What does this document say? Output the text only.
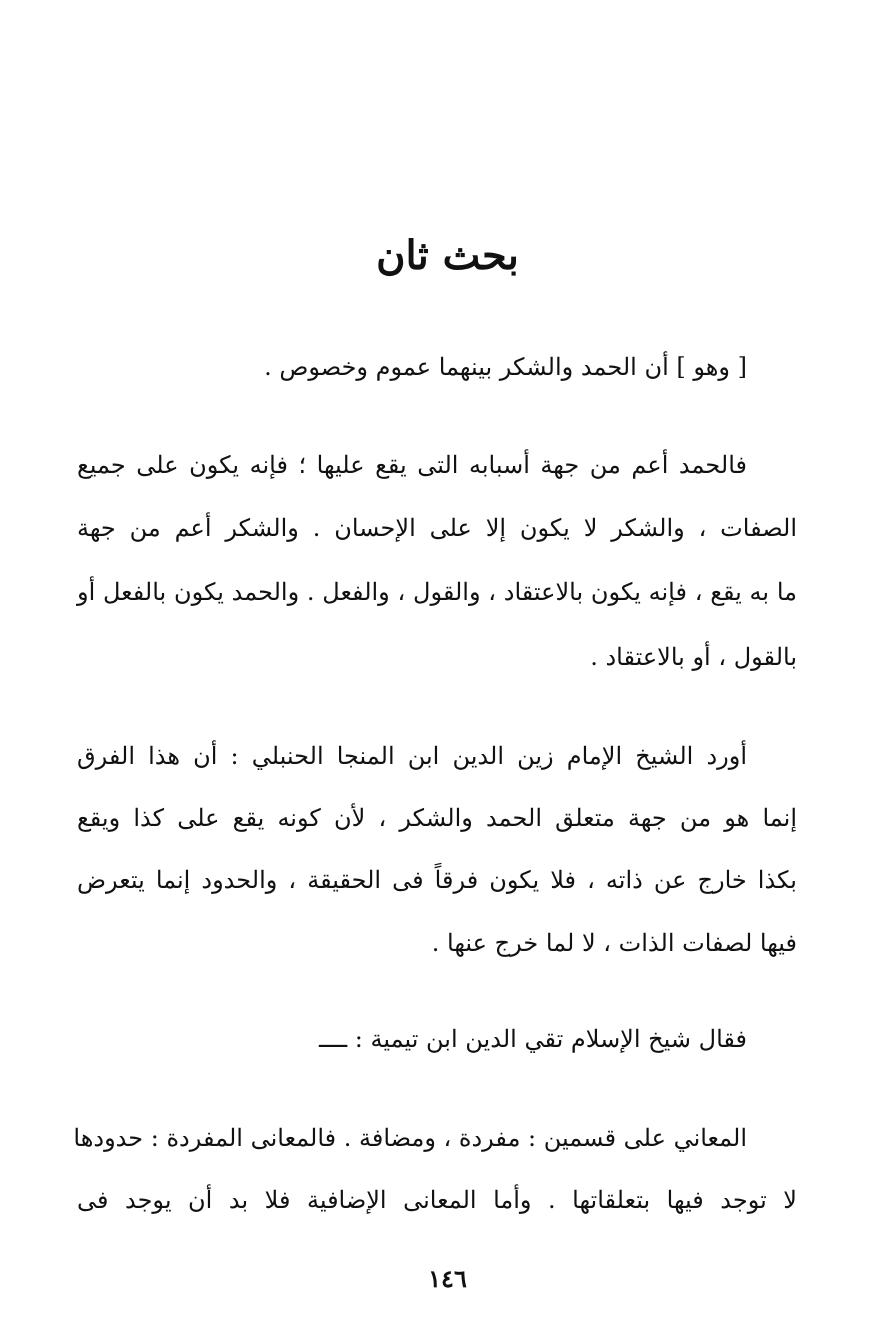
بحث ثان
[ وهو ] أن الحمد والشكر بينهما عموم وخصوص .
فالحمد أعم من جهة أسبابه التى يقع عليها ؛ فإنه يكون على جميع
الصفات ، والشكر لا يكون إلا على الإحسان . والشكر أعم من جهة
ما به يقع ، فإنه يكون بالاعتقاد ، والقول ، والفعل . والحمد يكون بالفعل أو
بالقول ، أو بالاعتقاد .
أورد الشيخ الإمام زين الدين ابن المنجا الحنبلي : أن هذا الفرق
إنما هو من جهة متعلق الحمد والشكر ، لأن كونه يقع على كذا ويقع
بكذا خارج عن ذاته ، فلا يكون فرقاً فى الحقيقة ، والحدود إنما يتعرض
فيها لصفات الذات ، لا لما خرج عنها .
فقال شيخ الإسلام تقي الدين ابن تيمية : ــــ
المعاني على قسمين : مفردة ، ومضافة . فالمعانى المفردة : حدودها
لا توجد فيها بتعلقاتها . وأما المعانى الإضافية فلا بد أن يوجد فى
١٤٦
